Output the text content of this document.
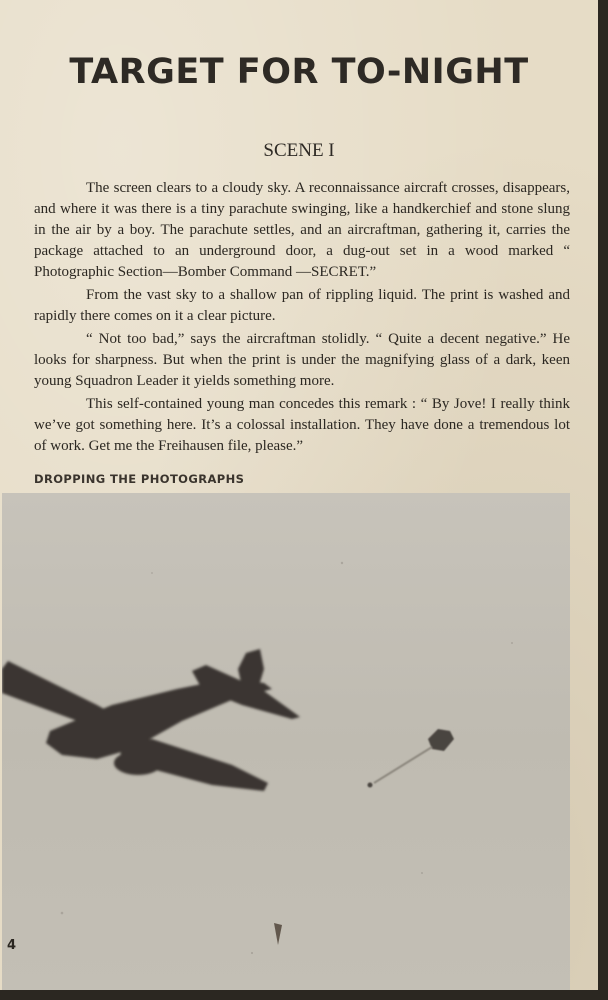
TARGET FOR TO-NIGHT
SCENE I

The screen clears to a cloudy sky. A reconnaissance aircraft crosses, disappears, and where it was there is a tiny parachute swinging, like a handkerchief and stone slung in the air by a boy. The parachute settles, and an aircraftman, gathering it, carries the package attached to an underground door, a dug-out set in a wood marked “ Photographic Section—Bomber Command —SECRET.”

From the vast sky to a shallow pan of rippling liquid. The print is washed and rapidly there comes on it a clear picture.

“ Not too bad,” says the aircraftman stolidly. “ Quite a decent negative.” He looks for sharpness. But when the print is under the magnifying glass of a dark, keen young Squadron Leader it yields something more.

This self-contained young man concedes this remark : “ By Jove! I really think we’ve got something here. It’s a colossal installation. They have done a tremendous lot of work. Get me the Freihausen file, please.”

DROPPING THE PHOTOGRAPHS

4
